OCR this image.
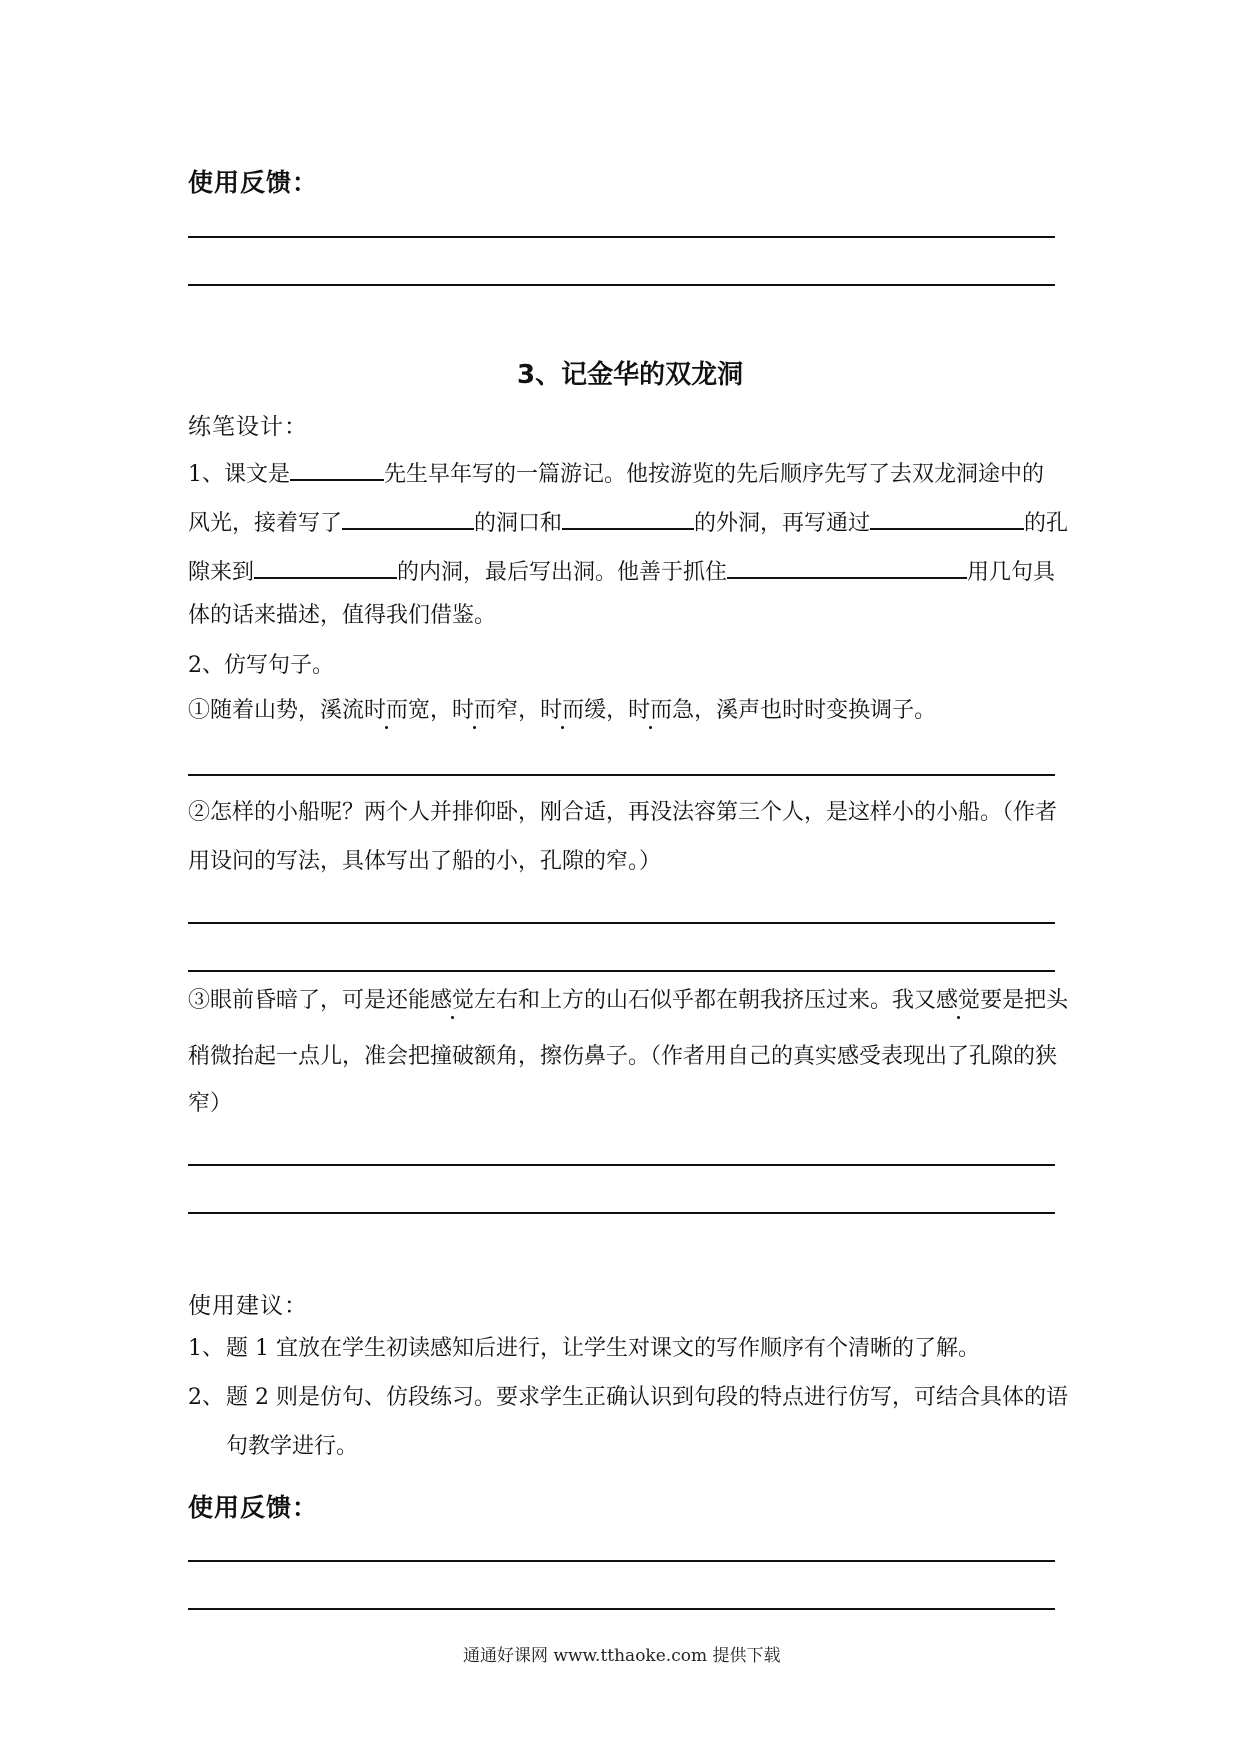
使用反馈：
3、记金华的双龙洞
练笔设计：
1、课文是	先生早年写的一篇游记。他按游览的先后顺序先写了去双龙洞途中的
风光，接着写了	的洞口和	的外洞，再写通过	的孔
隙来到	的内洞，最后写出洞。他善于抓住	用几句具
体的话来描述，值得我们借鉴。
2、仿写句子。
①随着山势，溪流时而宽，时而窄，时而缓，时而急，溪声也时时变换调子。
②怎样的小船呢？两个人并排仰卧，刚合适，再没法容第三个人，是这样小的小船。（作者
用设问的写法，具体写出了船的小，孔隙的窄。）
③眼前昏暗了，可是还能感觉左右和上方的山石似乎都在朝我挤压过来。我又感觉要是把头
稍微抬起一点儿，准会把撞破额角，擦伤鼻子。（作者用自己的真实感受表现出了孔隙的狭
窄）
使用建议：
1、题 1 宜放在学生初读感知后进行，让学生对课文的写作顺序有个清晰的了解。
2、题 2 则是仿句、仿段练习。要求学生正确认识到句段的特点进行仿写，可结合具体的语
句教学进行。
使用反馈：
通通好课网 www.tthaoke.com 提供下载
